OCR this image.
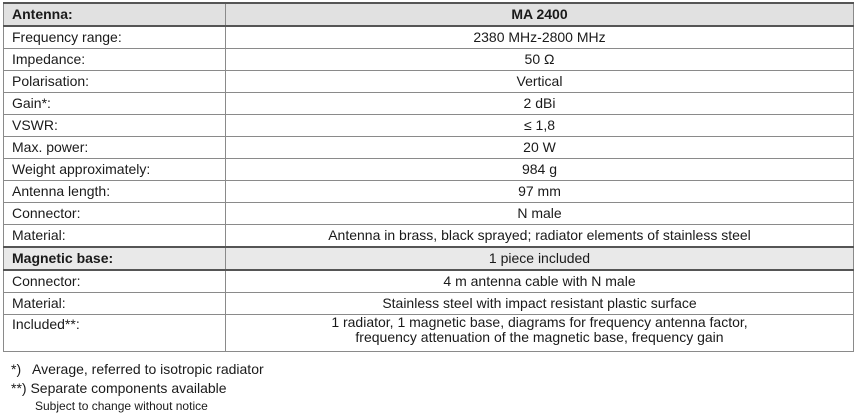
Antenna:	MA 2400
Frequency range:	2380 MHz-2800 MHz
Impedance:	50 Ω
Polarisation:	Vertical
Gain*:	2 dBi
VSWR:	≤ 1,8
Max. power:	20 W
Weight approximately:	984 g
Antenna length:	97 mm
Connector:	N male
Material:	Antenna in brass, black sprayed; radiator elements of stainless steel
Magnetic base:	1 piece included
Connector:	4 m antenna cable with N male
Material:	Stainless steel with impact resistant plastic surface
Included**:	1 radiator, 1 magnetic base, diagrams for frequency antenna factor,
frequency attenuation of the magnetic base, frequency gain
*)   Average, referred to isotropic radiator
**) Separate components available
Subject to change without notice
